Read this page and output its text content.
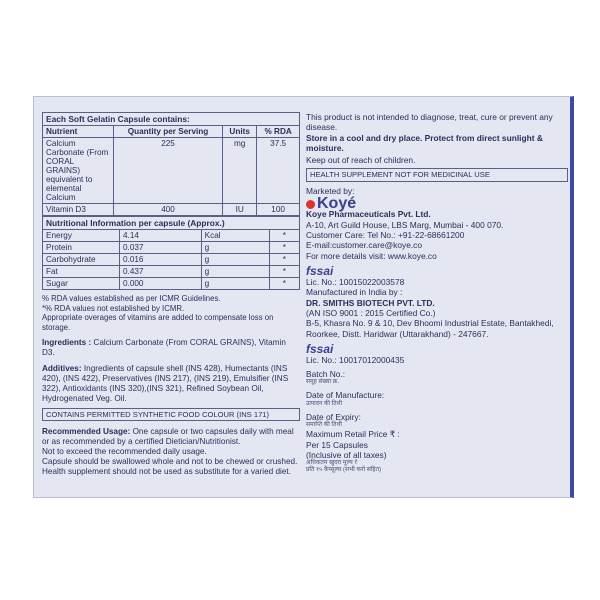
Each Soft Gelatin Capsule contains:			
Nutrient	Quantity per Serving	Units	% RDA
Calcium Carbonate (From CORAL GRAINS) equivalent to elemental Calcium	225	mg	37.5
Vitamin D3	400	IU	100
Nutritional Information per capsule (Approx.)			
Energy	4.14	Kcal	*
Protein	0.037	g	*
Carbohydrate	0.016	g	*
Fat	0.437	g	*
Sugar	0.000	g	*
% RDA values established as per ICMR Guidelines.
*% RDA values not established by ICMR.
Appropriate overages of vitamins are added to compensate loss on storage.
Ingredients : Calcium Carbonate (From CORAL GRAINS), Vitamin D3.
Additives: Ingredients of capsule shell (INS 428), Humectants (INS 420), (INS 422), Preservatives (INS 217), (INS 219), Emulsifier (INS 322), Antioxidants (INS 320),(INS 321), Refined Soybean Oil, Hydrogenated Veg. Oil.
CONTAINS PERMITTED SYNTHETIC FOOD COLOUR (INS 171)
Recommended Usage: One capsule or two capsules daily with meal or as recommended by a certified Dietician/Nutritionist.
Not to exceed the recommended daily usage.
Capsule should be swallowed whole and not to be chewed or crushed.
Health supplement should not be used as substitute for a varied diet.
This product is not intended to diagnose, treat, cure or prevent any disease.
Store in a cool and dry place. Protect from direct sunlight & moisture.
Keep out of reach of children.
HEALTH SUPPLEMENT NOT FOR MEDICINAL USE
Marketed by:
Koyé
Koye Pharmaceuticals Pvt. Ltd.
A-10, Art Guild House, LBS Marg, Mumbai - 400 070.
Customer Care: Tel No.: +91-22-68661200
E-mail:customer.care@koye.co
For more details visit: www.koye.co
fssai
Lic. No.: 10015022003578
Manufactured in India by :
DR. SMITHS BIOTECH PVT. LTD.
(AN ISO 9001 : 2015 Certified Co.)
B-5, Khasra No. 9 & 10, Dev Bhoomi Industrial Estate, Bantakhedi, Roorkee, Distt. Haridwar (Uttarakhand) - 247667.
fssai
Lic. No.: 10017012000435
Batch No.:
समूह संख्या क्र.
Date of Manufacture:
उत्पादन की तिथी
Date of Expiry:
समाप्ति की तिथी
Maximum Retail Price ₹ :
Per 15 Capsules
(Inclusive of all taxes)
अधिकतम खुदरा मूल्य ₹
प्रति १५ कैप्सूल्स (सभी करो सहित)
